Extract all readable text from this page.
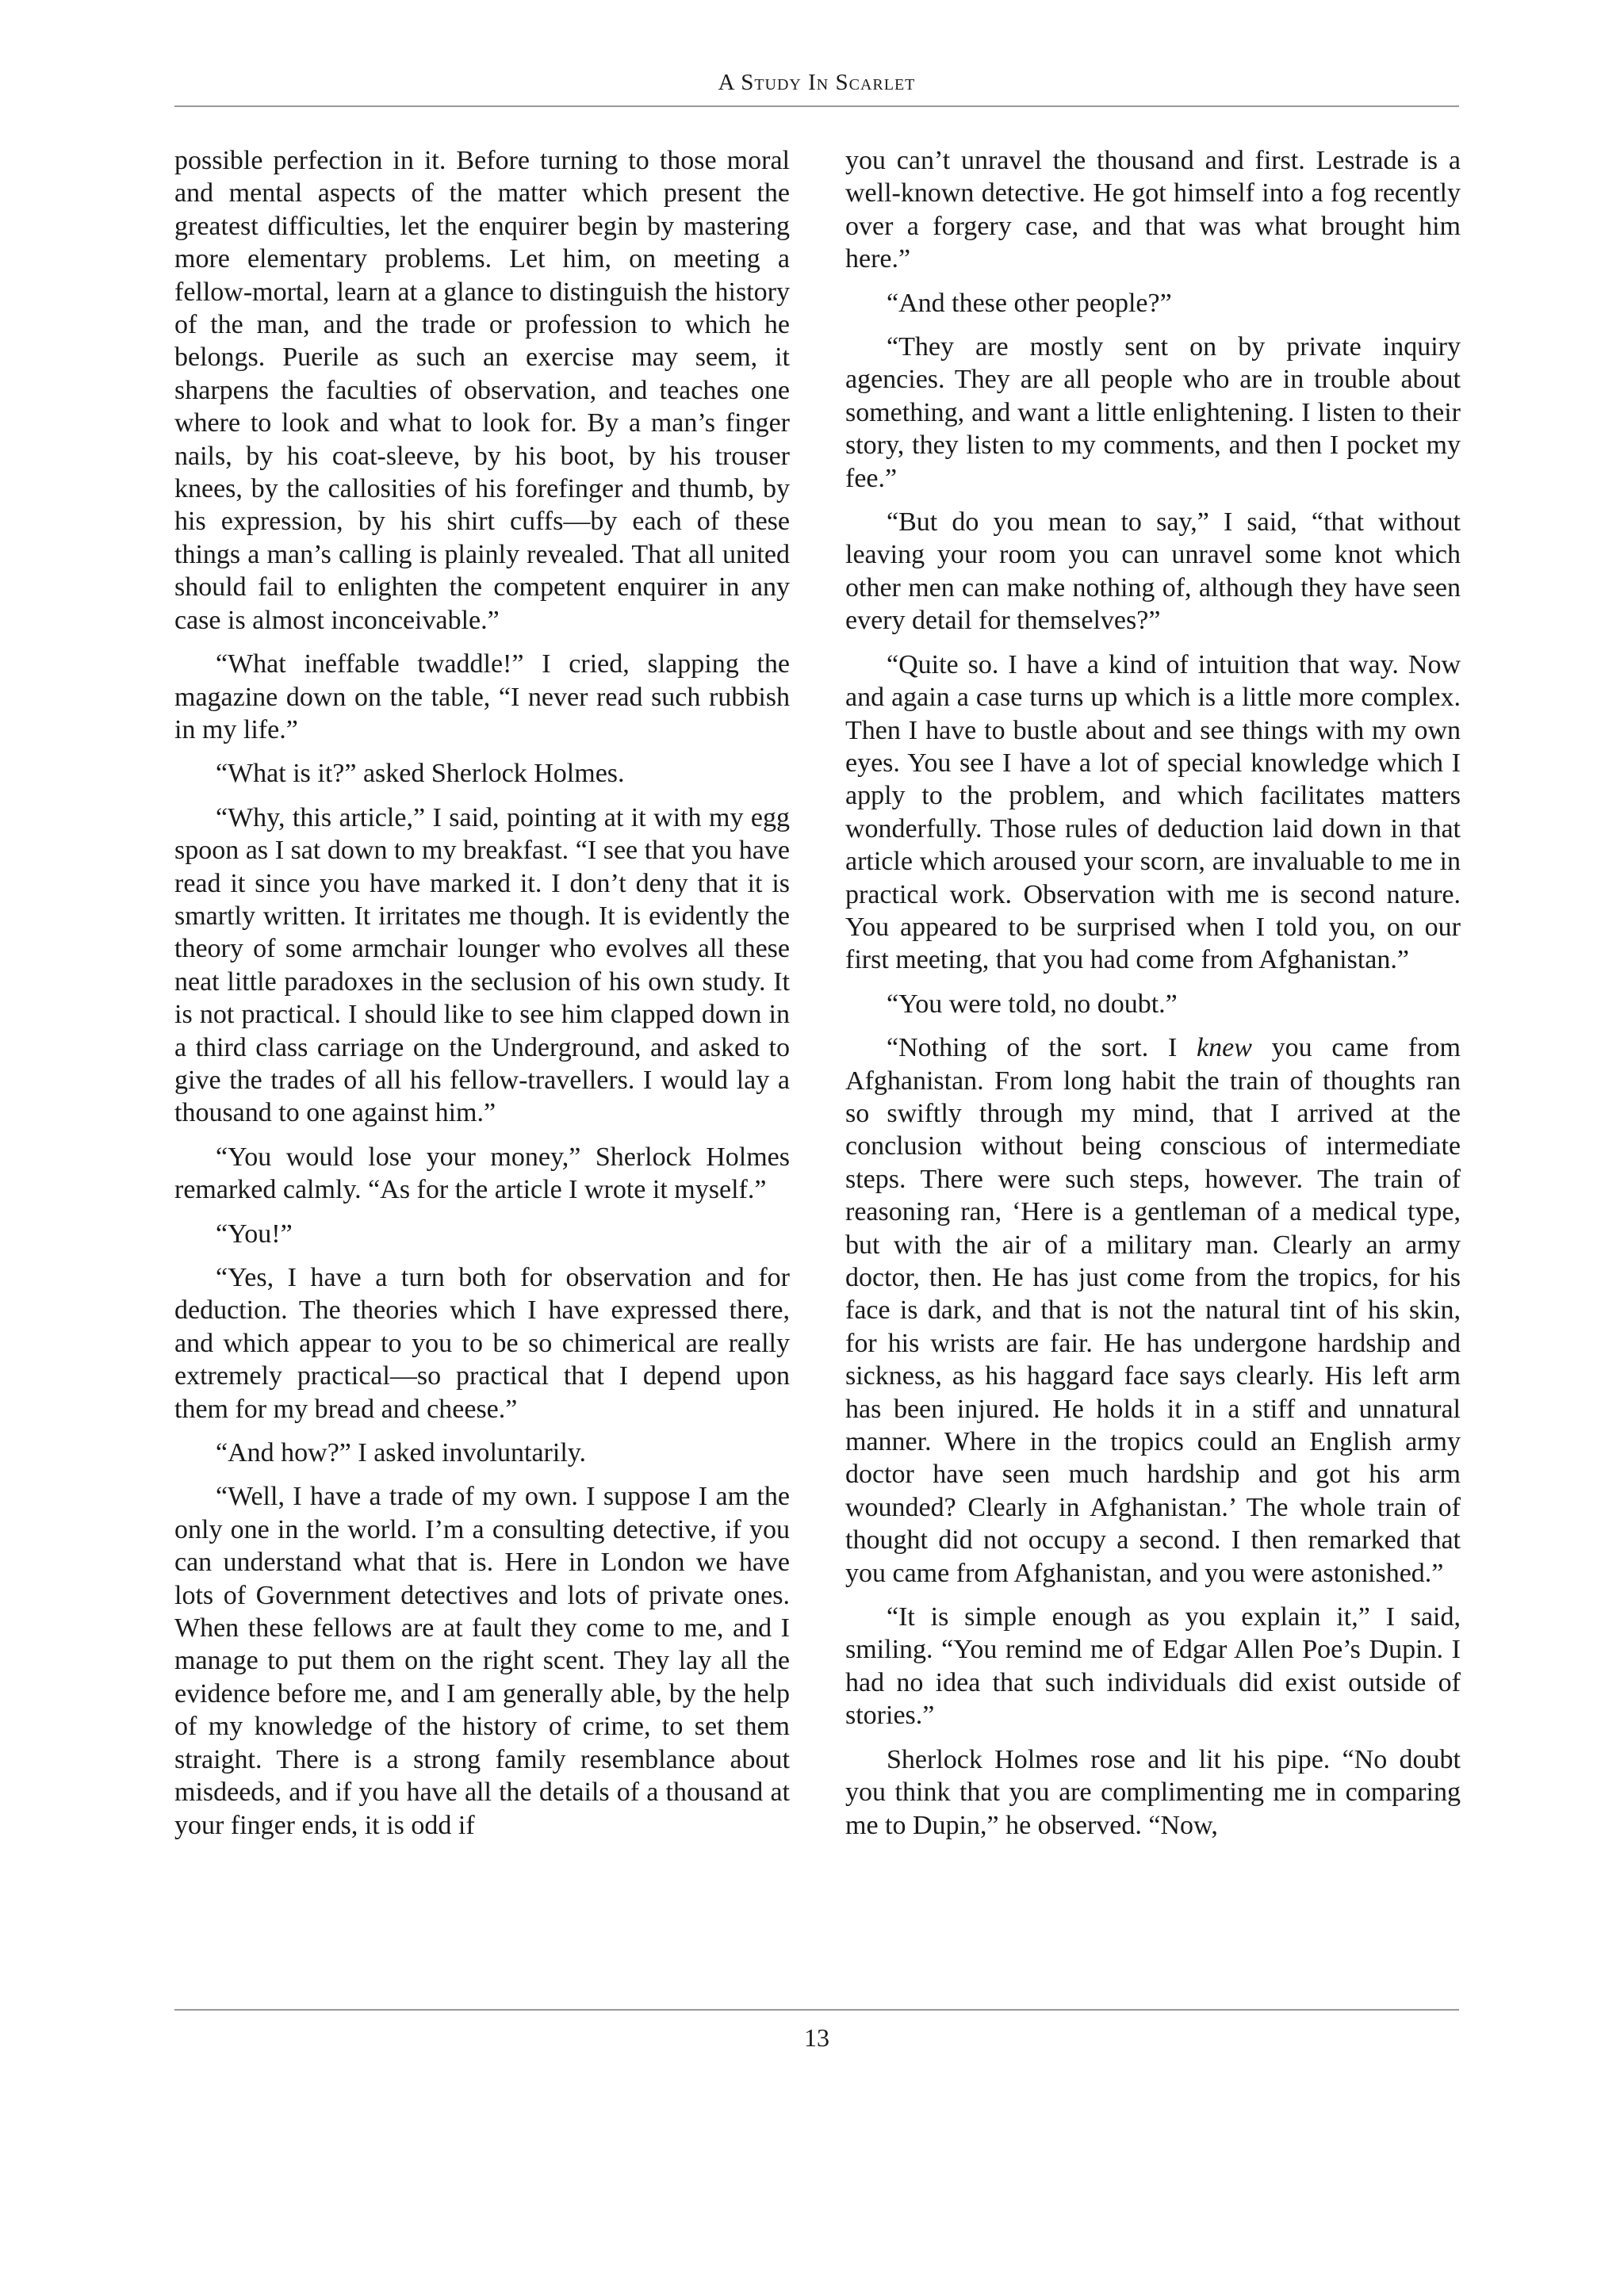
A Study In Scarlet

possible perfection in it. Before turning to those moral and mental aspects of the matter which present the greatest difficulties, let the enquirer begin by mastering more elementary problems. Let him, on meeting a fellow-mortal, learn at a glance to distinguish the history of the man, and the trade or profession to which he belongs. Puerile as such an exercise may seem, it sharpens the faculties of observation, and teaches one where to look and what to look for. By a man’s finger nails, by his coat-sleeve, by his boot, by his trouser knees, by the callosities of his forefinger and thumb, by his expression, by his shirt cuffs—by each of these things a man’s calling is plainly revealed. That all united should fail to enlighten the competent enquirer in any case is almost inconceivable.”

“What ineffable twaddle!” I cried, slapping the magazine down on the table, “I never read such rubbish in my life.”

“What is it?” asked Sherlock Holmes.

“Why, this article,” I said, pointing at it with my egg spoon as I sat down to my breakfast. “I see that you have read it since you have marked it. I don’t deny that it is smartly written. It irritates me though. It is evidently the theory of some armchair lounger who evolves all these neat little paradoxes in the seclusion of his own study. It is not practical. I should like to see him clapped down in a third class carriage on the Underground, and asked to give the trades of all his fellow-travellers. I would lay a thousand to one against him.”

“You would lose your money,” Sherlock Holmes remarked calmly. “As for the article I wrote it myself.”

“You!”

“Yes, I have a turn both for observation and for deduction. The theories which I have expressed there, and which appear to you to be so chimerical are really extremely practical—so practical that I depend upon them for my bread and cheese.”

“And how?” I asked involuntarily.

“Well, I have a trade of my own. I suppose I am the only one in the world. I’m a consulting detective, if you can understand what that is. Here in London we have lots of Government detectives and lots of private ones. When these fellows are at fault they come to me, and I manage to put them on the right scent. They lay all the evidence before me, and I am generally able, by the help of my knowledge of the history of crime, to set them straight. There is a strong family resemblance about misdeeds, and if you have all the details of a thousand at your finger ends, it is odd if

you can’t unravel the thousand and first. Lestrade is a well-known detective. He got himself into a fog recently over a forgery case, and that was what brought him here.”

“And these other people?”

“They are mostly sent on by private inquiry agencies. They are all people who are in trouble about something, and want a little enlightening. I listen to their story, they listen to my comments, and then I pocket my fee.”

“But do you mean to say,” I said, “that without leaving your room you can unravel some knot which other men can make nothing of, although they have seen every detail for themselves?”

“Quite so. I have a kind of intuition that way. Now and again a case turns up which is a little more complex. Then I have to bustle about and see things with my own eyes. You see I have a lot of special knowledge which I apply to the problem, and which facilitates matters wonderfully. Those rules of deduction laid down in that article which aroused your scorn, are invaluable to me in practical work. Observation with me is second nature. You appeared to be surprised when I told you, on our first meeting, that you had come from Afghanistan.”

“You were told, no doubt.”

“Nothing of the sort. I knew you came from Afghanistan. From long habit the train of thoughts ran so swiftly through my mind, that I arrived at the conclusion without being conscious of intermediate steps. There were such steps, however. The train of reasoning ran, ‘Here is a gentleman of a medical type, but with the air of a military man. Clearly an army doctor, then. He has just come from the tropics, for his face is dark, and that is not the natural tint of his skin, for his wrists are fair. He has undergone hardship and sickness, as his haggard face says clearly. His left arm has been injured. He holds it in a stiff and unnatural manner. Where in the tropics could an English army doctor have seen much hardship and got his arm wounded? Clearly in Afghanistan.’ The whole train of thought did not occupy a second. I then remarked that you came from Afghanistan, and you were astonished.”

“It is simple enough as you explain it,” I said, smiling. “You remind me of Edgar Allen Poe’s Dupin. I had no idea that such individuals did exist outside of stories.”

Sherlock Holmes rose and lit his pipe. “No doubt you think that you are complimenting me in comparing me to Dupin,” he observed. “Now,

13
